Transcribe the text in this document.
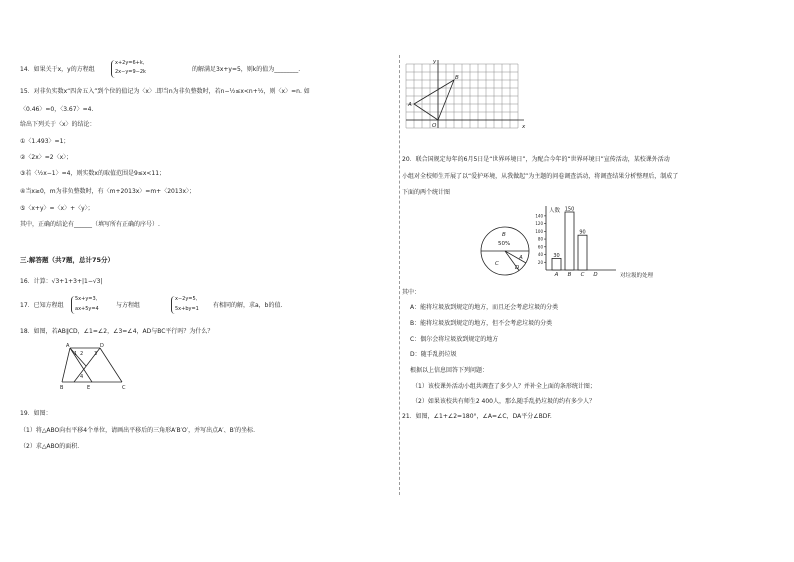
14．如果关于x，y的方程组
x+2y=6+k,
2x−y=9−2k	的解满足3x+y=5，则k的值为________.
15．对非负实数x“四舍五入”到个位的值记为〈x〉.即当n为非负整数时，若n−½≤x<n+½，则〈x〉=n. 如
〈0.46〉=0，〈3.67〉=4.
给出下列关于〈x〉的结论：
①〈1.493〉=1；
②〈2x〉=2〈x〉；
③若〈½x−1〉=4，则实数x的取值范围是9≤x<11；
④当x≥0，m为非负整数时，有〈m+2013x〉=m+〈2013x〉；
⑤〈x+y〉=〈x〉+〈y〉；
其中，正确的结论有______（填写所有正确的序号）.
三.解答题（共7题，总计75分）
16．计算：√3+1+3+|1−√3|
17．已知方程组
5x+y=3,
ax+5y=4	与方程组
x−2y=5,
5x+by=1 有相同的解，求a，b的值.
18．如图，若AB∥CD，∠1=∠2，∠3=∠4，AD与BC平行吗？为什么？
A	D
B	C
E
1 2 3
4
19．如图：
（1）将△ABO向右平移4个单位，请画出平移后的三角形A′B′O′，并写出点A′、B′的坐标.
（2）求△ABO的面积.
y
x
A
B
O
20．联合国规定每年的6月5日是“世界环境日”，为配合今年的“世界环境日”宣传活动，某校课外活动
小组对全校师生开展了以“爱护环境，从我做起”为主题的问卷调查活动，将调查结果分析整理后，制成了
下面的两个统计图
B
50%
C
A
D
20
40
60
80
100
120
140
30
A
150
B
90
C D
人数
对垃圾的处理
其中：
A：能将垃圾放到规定的地方，而且还会考虑垃圾的分类
B：能将垃圾放到规定的地方，但不会考虑垃圾的分类
C：偶尔会将垃圾放到规定的地方
D：随手乱扔垃圾
根据以上信息回答下列问题：
（1）该校课外活动小组共调查了多少人？并补全上面的条形统计图；
（2）如果该校共有师生2 400人，那么随手乱扔垃圾的约有多少人？
21．如图，∠1+∠2=180°，∠A=∠C，DA平分∠BDF.
